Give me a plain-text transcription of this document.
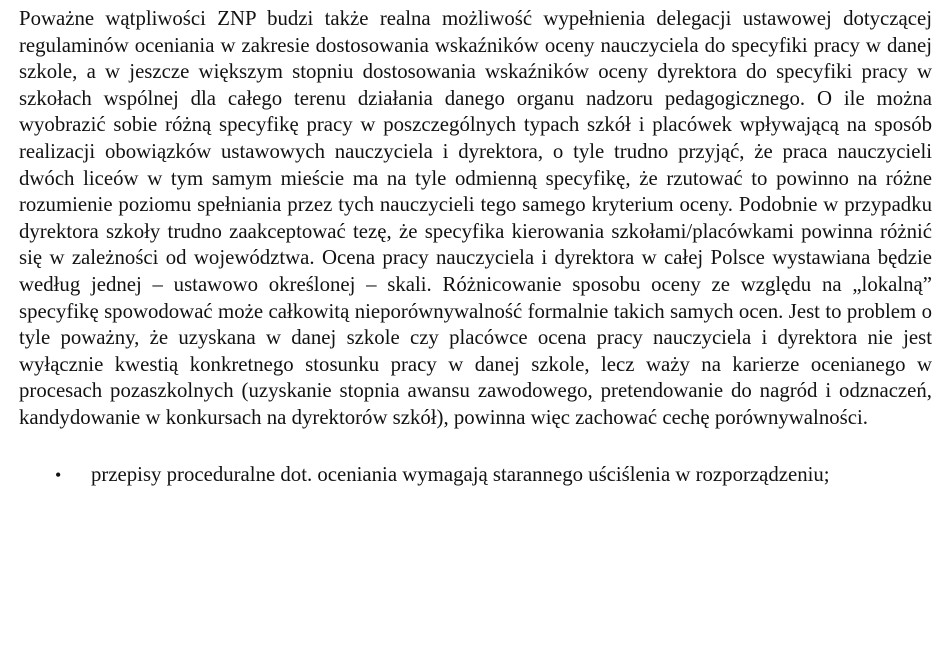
Poważne wątpliwości ZNP budzi także realna możliwość wypełnienia delegacji ustawowej dotyczącej regulaminów oceniania w zakresie dostosowania wskaźników oceny nauczyciela do specyfiki pracy w danej szkole, a w jeszcze większym stopniu dostosowania wskaźników oceny dyrektora do specyfiki pracy w szkołach wspólnej dla całego terenu działania danego organu nadzoru pedagogicznego. O ile można wyobrazić sobie różną specyfikę pracy w poszczególnych typach szkół i placówek wpływającą na sposób realizacji obowiązków ustawowych nauczyciela i dyrektora, o tyle trudno przyjąć, że praca nauczycieli dwóch liceów w tym samym mieście ma na tyle odmienną specyfikę, że rzutować to powinno na różne rozumienie poziomu spełniania przez tych nauczycieli tego samego kryterium oceny. Podobnie w przypadku dyrektora szkoły trudno zaakceptować tezę, że specyfika kierowania szkołami/placówkami powinna różnić się w zależności od województwa. Ocena pracy nauczyciela i dyrektora w całej Polsce wystawiana będzie według jednej – ustawowo określonej – skali. Różnicowanie sposobu oceny ze względu na „lokalną” specyfikę spowodować może całkowitą nieporównywalność formalnie takich samych ocen. Jest to problem o tyle poważny, że uzyskana w danej szkole czy placówce ocena pracy nauczyciela i dyrektora nie jest wyłącznie kwestią konkretnego stosunku pracy w danej szkole, lecz waży na karierze ocenianego w procesach pozaszkolnych (uzyskanie stopnia awansu zawodowego, pretendowanie do nagród i odznaczeń, kandydowanie w konkursach na dyrektorów szkół), powinna więc zachować cechę porównywalności.

• przepisy proceduralne dot. oceniania wymagają starannego uściślenia w rozporządzeniu;
